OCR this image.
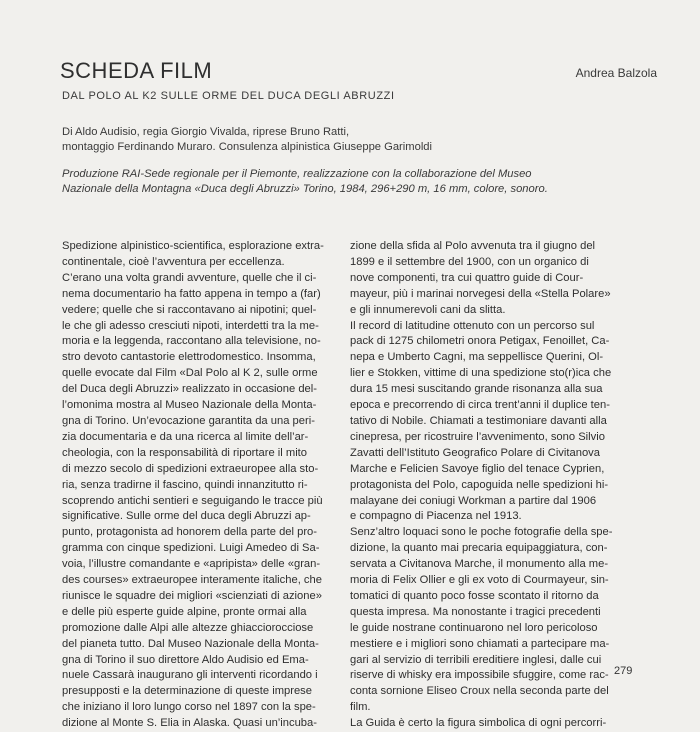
SCHEDA FILM	Andrea Balzola
DAL POLO AL K2 SULLE ORME DEL DUCA DEGLI ABRUZZI
Di Aldo Audisio, regia Giorgio Vivalda, riprese Bruno Ratti,
montaggio Ferdinando Muraro. Consulenza alpinistica Giuseppe Garimoldi
Produzione RAI-Sede regionale per il Piemonte, realizzazione con la collaborazione del Museo
Nazionale della Montagna «Duca degli Abruzzi» Torino, 1984, 296+290 m, 16 mm, colore, sonoro.
Spedizione alpinistico-scientifica, esplorazione extra-
continentale, cioè l’avventura per eccellenza.
C’erano una volta grandi avventure, quelle che il ci-
nema documentario ha fatto appena in tempo a (far)
vedere; quelle che si raccontavano ai nipotini; quel-
le che gli adesso cresciuti nipoti, interdetti tra la me-
moria e la leggenda, raccontano alla televisione, no-
stro devoto cantastorie elettrodomestico. Insomma,
quelle evocate dal Film «Dal Polo al K 2, sulle orme
del Duca degli Abruzzi» realizzato in occasione del-
l’omonima mostra al Museo Nazionale della Monta-
gna di Torino. Un’evocazione garantita da una peri-
zia documentaria e da una ricerca al limite dell’ar-
cheologia, con la responsabilità di riportare il mito
di mezzo secolo di spedizioni extraeuropee alla sto-
ria, senza tradirne il fascino, quindi innanzitutto ri-
scoprendo antichi sentieri e seguigando le tracce più
significative. Sulle orme del duca degli Abruzzi ap-
punto, protagonista ad honorem della parte del pro-
gramma con cinque spedizioni. Luigi Amedeo di Sa-
voia, l’illustre comandante e «apripista» delle «gran-
des courses» extraeuropee interamente italiche, che
riunisce le squadre dei migliori «scienziati di azione»
e delle più esperte guide alpine, pronte ormai alla
promozione dalle Alpi alle altezze ghiacciorocciose
del pianeta tutto. Dal Museo Nazionale della Monta-
gna di Torino il suo direttore Aldo Audisio ed Ema-
nuele Cassarà inaugurano gli interventi ricordando i
presupposti e la determinazione di queste imprese
che iniziano il loro lungo corso nel 1897 con la spe-
dizione al Monte S. Elia in Alaska. Quasi un’incuba-
zione della sfida al Polo avvenuta tra il giugno del
1899 e il settembre del 1900, con un organico di
nove componenti, tra cui quattro guide di Cour-
mayeur, più i marinai norvegesi della «Stella Polare»
e gli innumerevoli cani da slitta.
Il record di latitudine ottenuto con un percorso sul
pack di 1275 chilometri onora Petigax, Fenoillet, Ca-
nepa e Umberto Cagni, ma seppellisce Querini, Ol-
lier e Stokken, vittime di una spedizione sto(r)ica che
dura 15 mesi suscitando grande risonanza alla sua
epoca e precorrendo di circa trent’anni il duplice ten-
tativo di Nobile. Chiamati a testimoniare davanti alla
cinepresa, per ricostruire l’avvenimento, sono Silvio
Zavatti dell’Istituto Geografico Polare di Civitanova
Marche e Felicien Savoye figlio del tenace Cyprien,
protagonista del Polo, capoguida nelle spedizioni hi-
malayane dei coniugi Workman a partire dal 1906
e compagno di Piacenza nel 1913.
Senz’altro loquaci sono le poche fotografie della spe-
dizione, la quanto mai precaria equipaggiatura, con-
servata a Civitanova Marche, il monumento alla me-
moria di Felix Ollier e gli ex voto di Courmayeur, sin-
tomatici di quanto poco fosse scontato il ritorno da
questa impresa. Ma nonostante i tragici precedenti
le guide nostrane continuarono nel loro pericoloso
mestiere e i migliori sono chiamati a partecipare ma-
gari al servizio di terribili ereditiere inglesi, dalle cui
riserve di whisky era impossibile sfuggire, come rac-
conta sornione Eliseo Croux nella seconda parte del
film.
La Guida è certo la figura simbolica di ogni percorri-
279
